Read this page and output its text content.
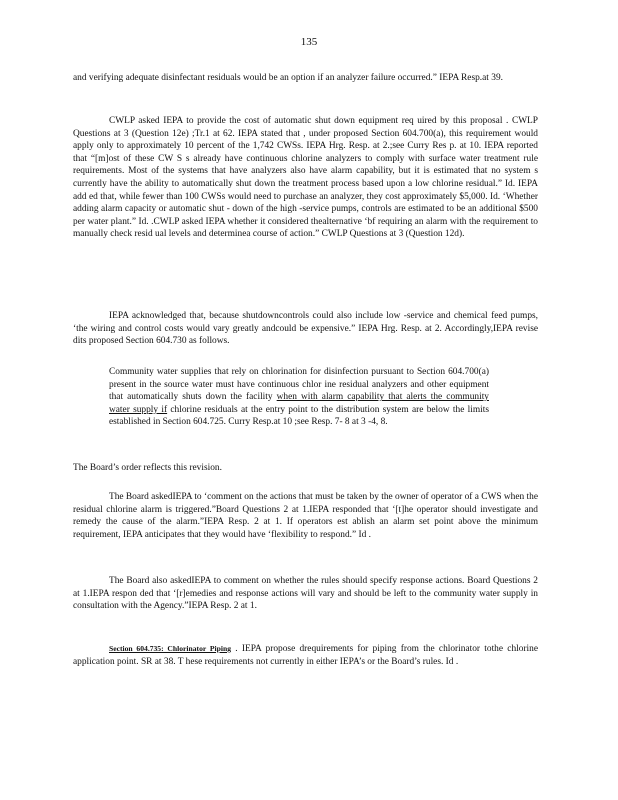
135

and verifying adequate disinfectant residuals would be an option if an analyzer failure occurred.” IEPA Resp.at 39.

CWLP asked IEPA to provide the cost of automatic shut down equipment req uired by this proposal . CWLP Questions at 3 (Question 12e) ;Tr.1 at 62. IEPA stated that , under proposed Section 604.700(a), this requirement would apply only to approximately 10 percent of the 1,742 CWSs. IEPA Hrg. Resp. at 2.;see Curry Res p. at 10. IEPA reported that “[m]ost of these CW S s already have continuous chlorine analyzers to comply with surface water treatment rule requirements. Most of the systems that have analyzers also have alarm capability, but it is estimated that no system s currently have the ability to automatically shut down the treatment process based upon a low chlorine residual.” Id. IEPA add ed that, while fewer than 100 CWSs would need to purchase an analyzer, they cost approximately $5,000. Id. ‘Whether adding alarm capacity or automatic shut - down of the high -service pumps, controls are estimated to be an additional $500 per water plant.” Id. .CWLP asked IEPA whether it considered thealternative ‘bf requiring an alarm with the requirement to manually check resid ual levels and determinea course of action.” CWLP Questions at 3 (Question 12d).

IEPA acknowledged that, because shutdowncontrols could also include low -service and chemical feed pumps, ‘the wiring and control costs would vary greatly andcould be expensive.” IEPA Hrg. Resp. at 2. Accordingly,IEPA revise dits proposed Section 604.730 as follows.

Community water supplies that rely on chlorination for disinfection pursuant to Section 604.700(a) present in the source water must have continuous chlor ine residual analyzers and other equipment that automatically shuts down the facility when with alarm capability that alerts the community water supply if chlorine residuals at the entry point to the distribution system are below the limits established in Section 604.725. Curry Resp.at 10 ;see Resp. 7- 8 at 3 -4, 8.

The Board’s order reflects this revision.

The Board askedIEPA to ‘comment on the actions that must be taken by the owner of operator of a CWS when the residual chlorine alarm is triggered.”Board Questions 2 at 1.IEPA responded that ‘[t]he operator should investigate and remedy the cause of the alarm.”IEPA Resp. 2 at 1. If operators est ablish an alarm set point above the minimum requirement, IEPA anticipates that they would have ‘flexibility to respond.” Id .

The Board also askedIEPA to comment on whether the rules should specify response actions. Board Questions 2 at 1.IEPA respon ded that ‘[r]emedies and response actions will vary and should be left to the community water supply in consultation with the Agency.”IEPA Resp. 2 at 1.

Section 604.735: Chlorinator Piping . IEPA propose drequirements for piping from the chlorinator tothe chlorine application point. SR at 38. T hese requirements not currently in either IEPA’s or the Board’s rules. Id .
